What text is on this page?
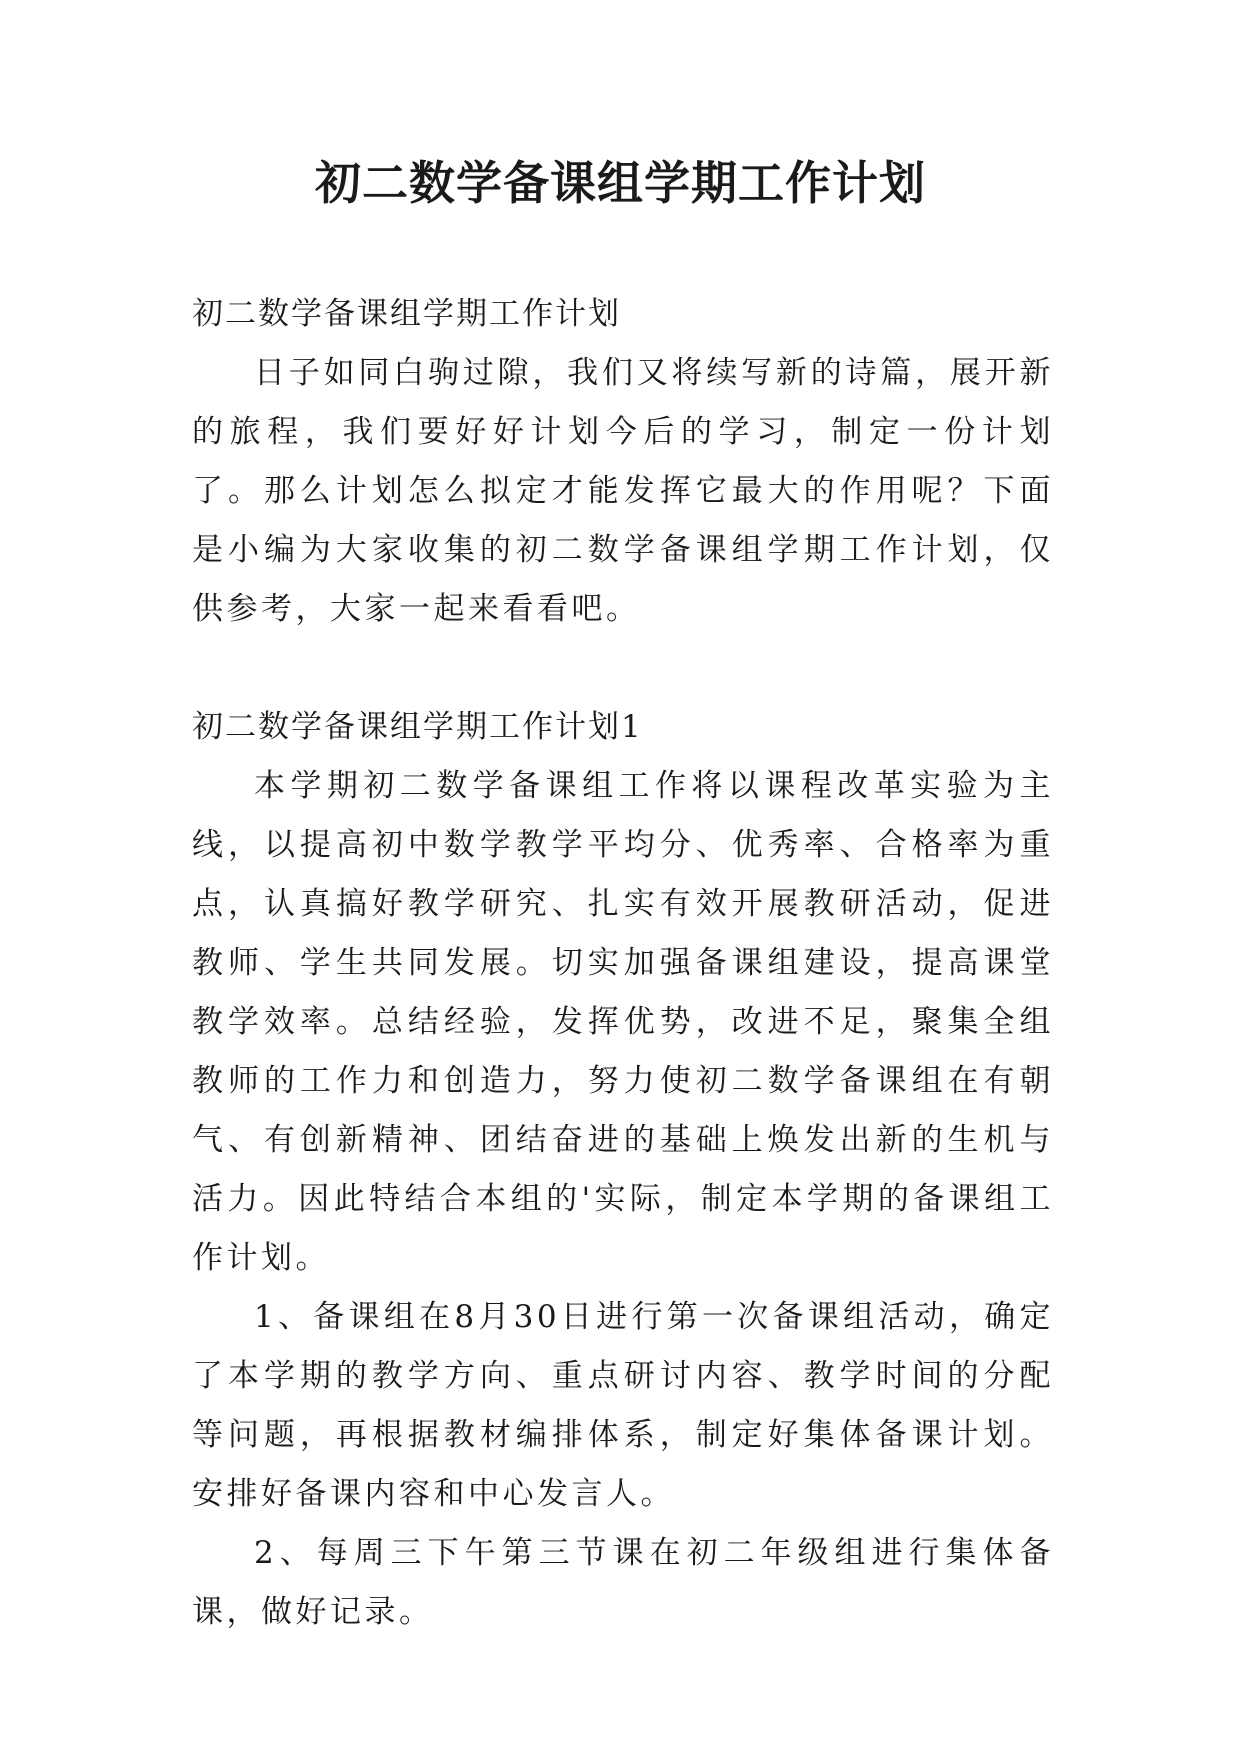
初二数学备课组学期工作计划

初二数学备课组学期工作计划

日子如同白驹过隙，我们又将续写新的诗篇，展开新的旅程，我们要好好计划今后的学习，制定一份计划了。那么计划怎么拟定才能发挥它最大的作用呢？下面是小编为大家收集的初二数学备课组学期工作计划，仅供参考，大家一起来看看吧。

初二数学备课组学期工作计划1

本学期初二数学备课组工作将以课程改革实验为主线，以提高初中数学教学平均分、优秀率、合格率为重点，认真搞好教学研究、扎实有效开展教研活动，促进教师、学生共同发展。切实加强备课组建设，提高课堂教学效率。总结经验，发挥优势，改进不足，聚集全组教师的工作力和创造力，努力使初二数学备课组在有朝气、有创新精神、团结奋进的基础上焕发出新的生机与活力。因此特结合本组的'实际，制定本学期的备课组工作计划。

1、备课组在8月30日进行第一次备课组活动，确定了本学期的教学方向、重点研讨内容、教学时间的分配等问题，再根据教材编排体系，制定好集体备课计划。安排好备课内容和中心发言人。

2、每周三下午第三节课在初二年级组进行集体备课，做好记录。
